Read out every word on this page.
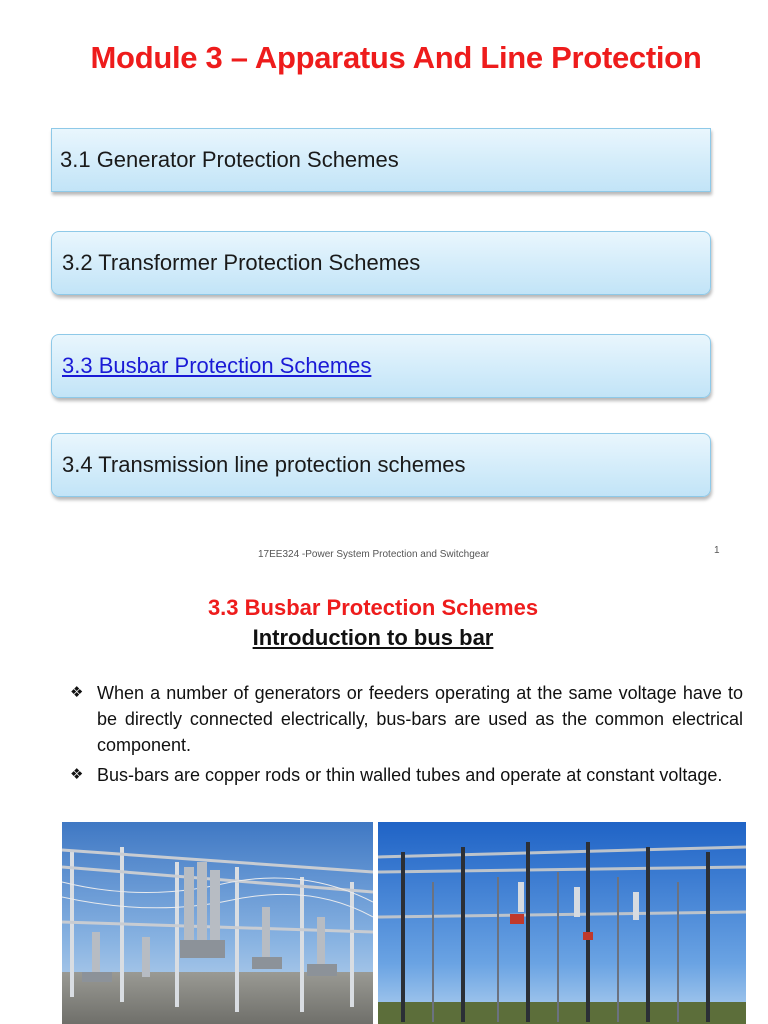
Module 3 – Apparatus And Line Protection
3.1 Generator Protection Schemes
3.2 Transformer Protection Schemes
3.3 Busbar Protection Schemes
3.4 Transmission line protection schemes
17EE324 -Power System Protection and Switchgear	1
3.3 Busbar Protection Schemes
Introduction to bus bar
❖ When a number of generators or feeders operating at the same voltage have to be directly connected electrically, bus-bars are used as the common electrical component.
❖ Bus-bars are copper rods or thin walled tubes and operate at constant voltage.
